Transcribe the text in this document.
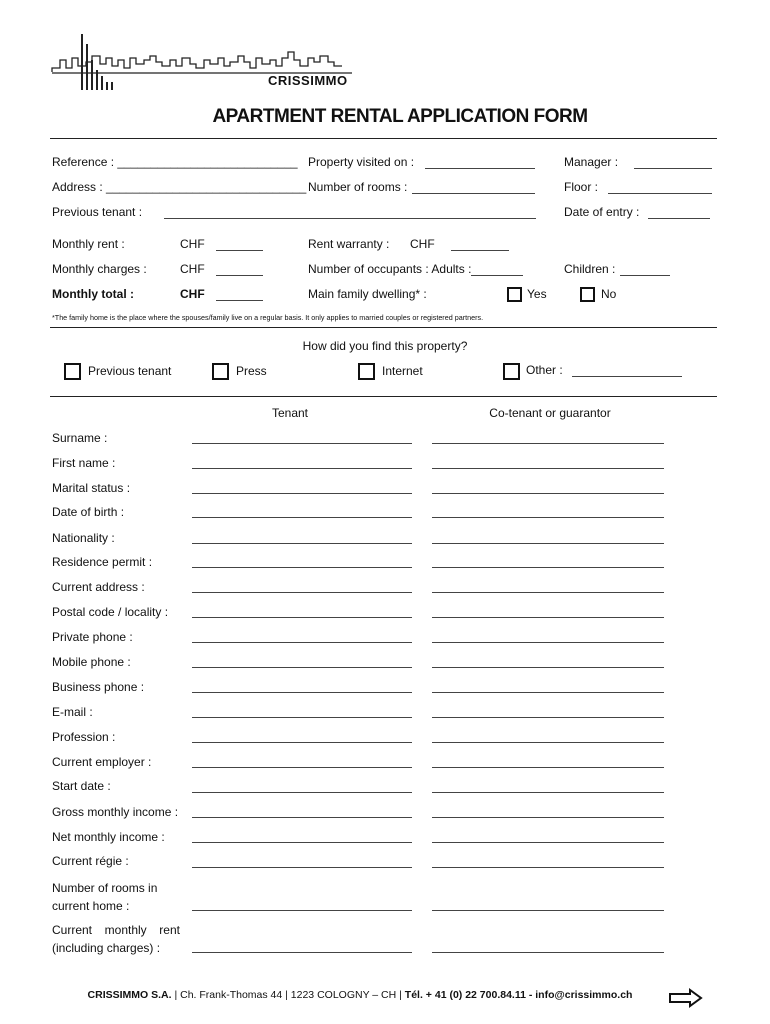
CRISSIMMO
APARTMENT RENTAL APPLICATION FORM
Reference : ___________________________ Property visited on :	Manager :
Address : ______________________________ Number of rooms :	Floor :
Previous tenant :	Date of entry :
Monthly rent :	CHF	Rent warranty : CHF
Monthly charges :	CHF	Number of occupants : Adults :	Children :
Monthly total :	CHF	Main family dwelling* :	Yes	No
*The family home is the place where the spouses/family live on a regular basis. It only applies to married couples or registered partners.
How did you find this property?
Previous tenant	Press	Internet	Other :
Tenant	Co-tenant or guarantor
Surname :
First name :
Marital status :
Date of birth :
Nationality :
Residence permit :
Current address :
Postal code / locality :
Private phone :
Mobile phone :
Business phone :
E-mail :
Profession :
Current employer :
Start date :
Gross monthly income :
Net monthly income :
Current régie :
Number of rooms in current home :
Current monthly rent (including charges) :
CRISSIMMO S.A. | Ch. Frank-Thomas 44 | 1223 COLOGNY – CH | Tél. + 41 (0) 22 700.84.11 - info@crissimmo.ch
